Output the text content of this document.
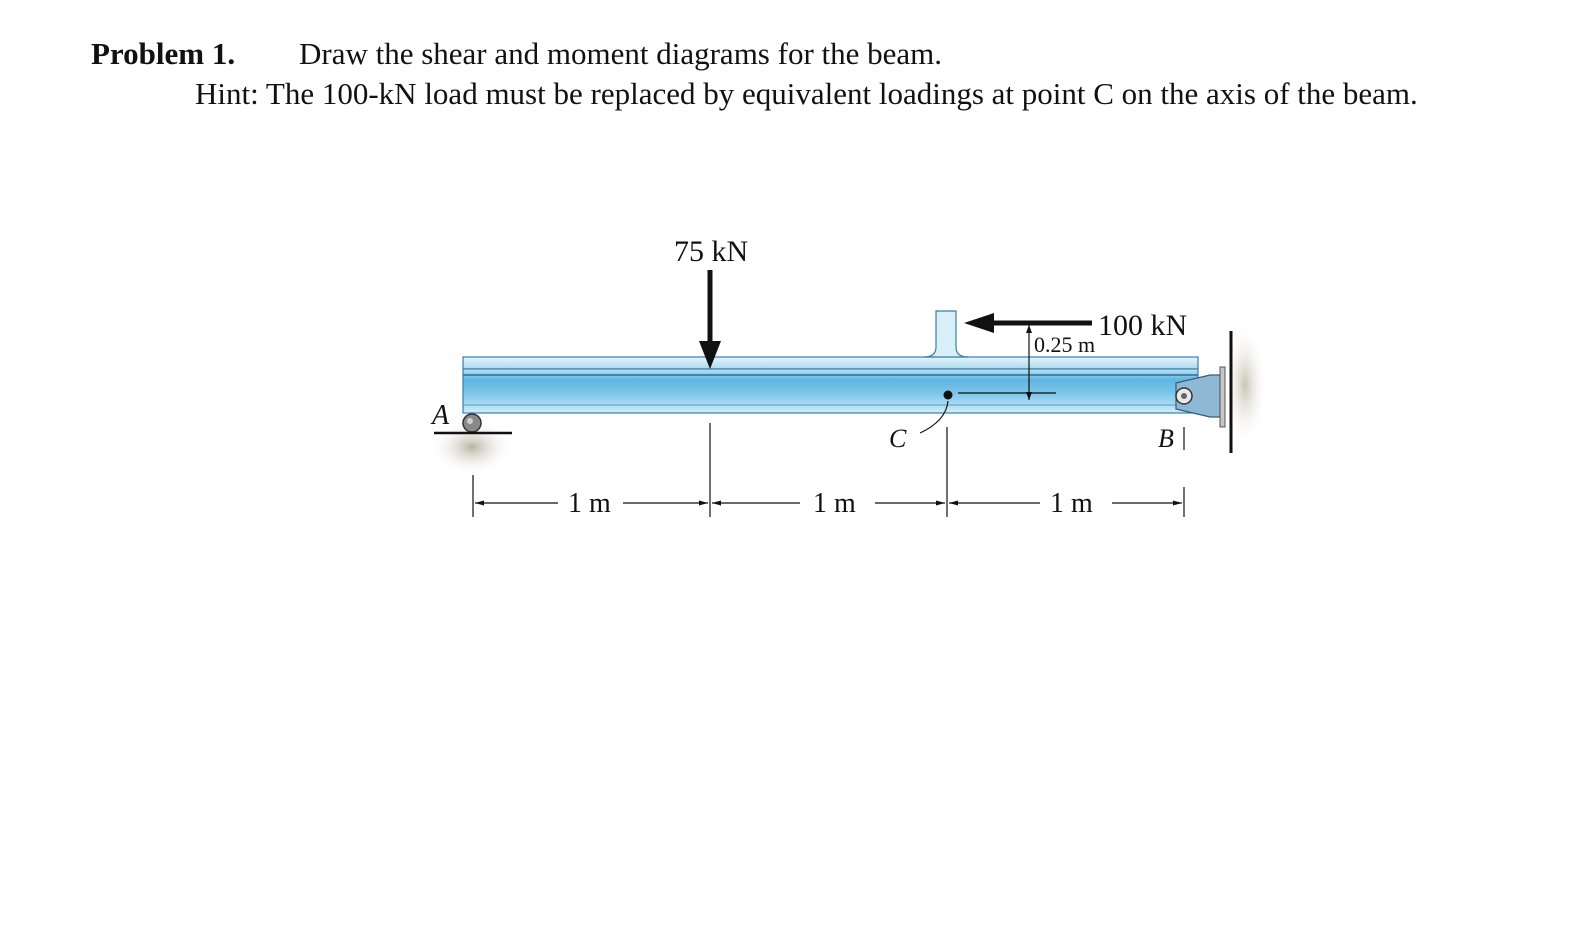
Problem 1. Draw the shear and moment diagrams for the beam.
Hint: The 100-kN load must be replaced by equivalent loadings at point C on the axis of the beam.
75 kN
100 kN
0.25 m
C
A
B
1 m	1 m	1 m
